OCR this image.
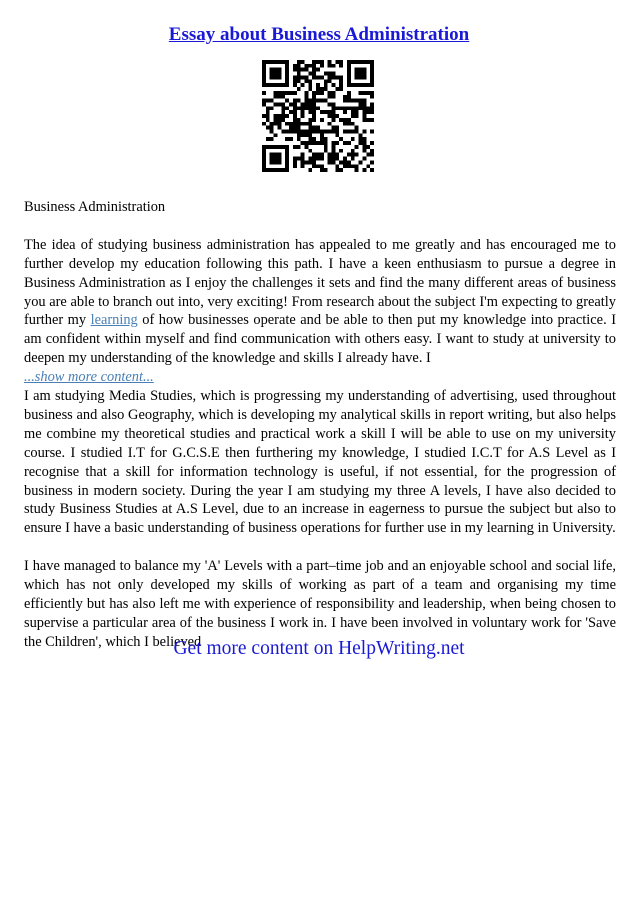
Essay about Business Administration

Business Administration

The idea of studying business administration has appealed to me greatly and has encouraged me to further develop my education following this path. I have a keen enthusiasm to pursue a degree in Business Administration as I enjoy the challenges it sets and find the many different areas of business you are able to branch out into, very exciting! From research about the subject I'm expecting to greatly further my learning of how businesses operate and be able to then put my knowledge into practice. I am confident within myself and find communication with others easy. I want to study at university to deepen my understanding of the knowledge and skills I already have. I
...show more content...

I am studying Media Studies, which is progressing my understanding of advertising, used throughout business and also Geography, which is developing my analytical skills in report writing, but also helps me combine my theoretical studies and practical work a skill I will be able to use on my university course. I studied I.T for G.C.S.E then furthering my knowledge, I studied I.C.T for A.S Level as I recognise that a skill for information technology is useful, if not essential, for the progression of business in modern society. During the year I am studying my three A levels, I have also decided to study Business Studies at A.S Level, due to an increase in eagerness to pursue the subject but also to ensure I have a basic understanding of business operations for further use in my learning in University.

I have managed to balance my 'A' Levels with a part–time job and an enjoyable school and social life, which has not only developed my skills of working as part of a team and organising my time efficiently but has also left me with experience of responsibility and leadership, when being chosen to supervise a particular area of the business I work in. I have been involved in voluntary work for 'Save the Children', which I believed

Get more content on HelpWriting.net
